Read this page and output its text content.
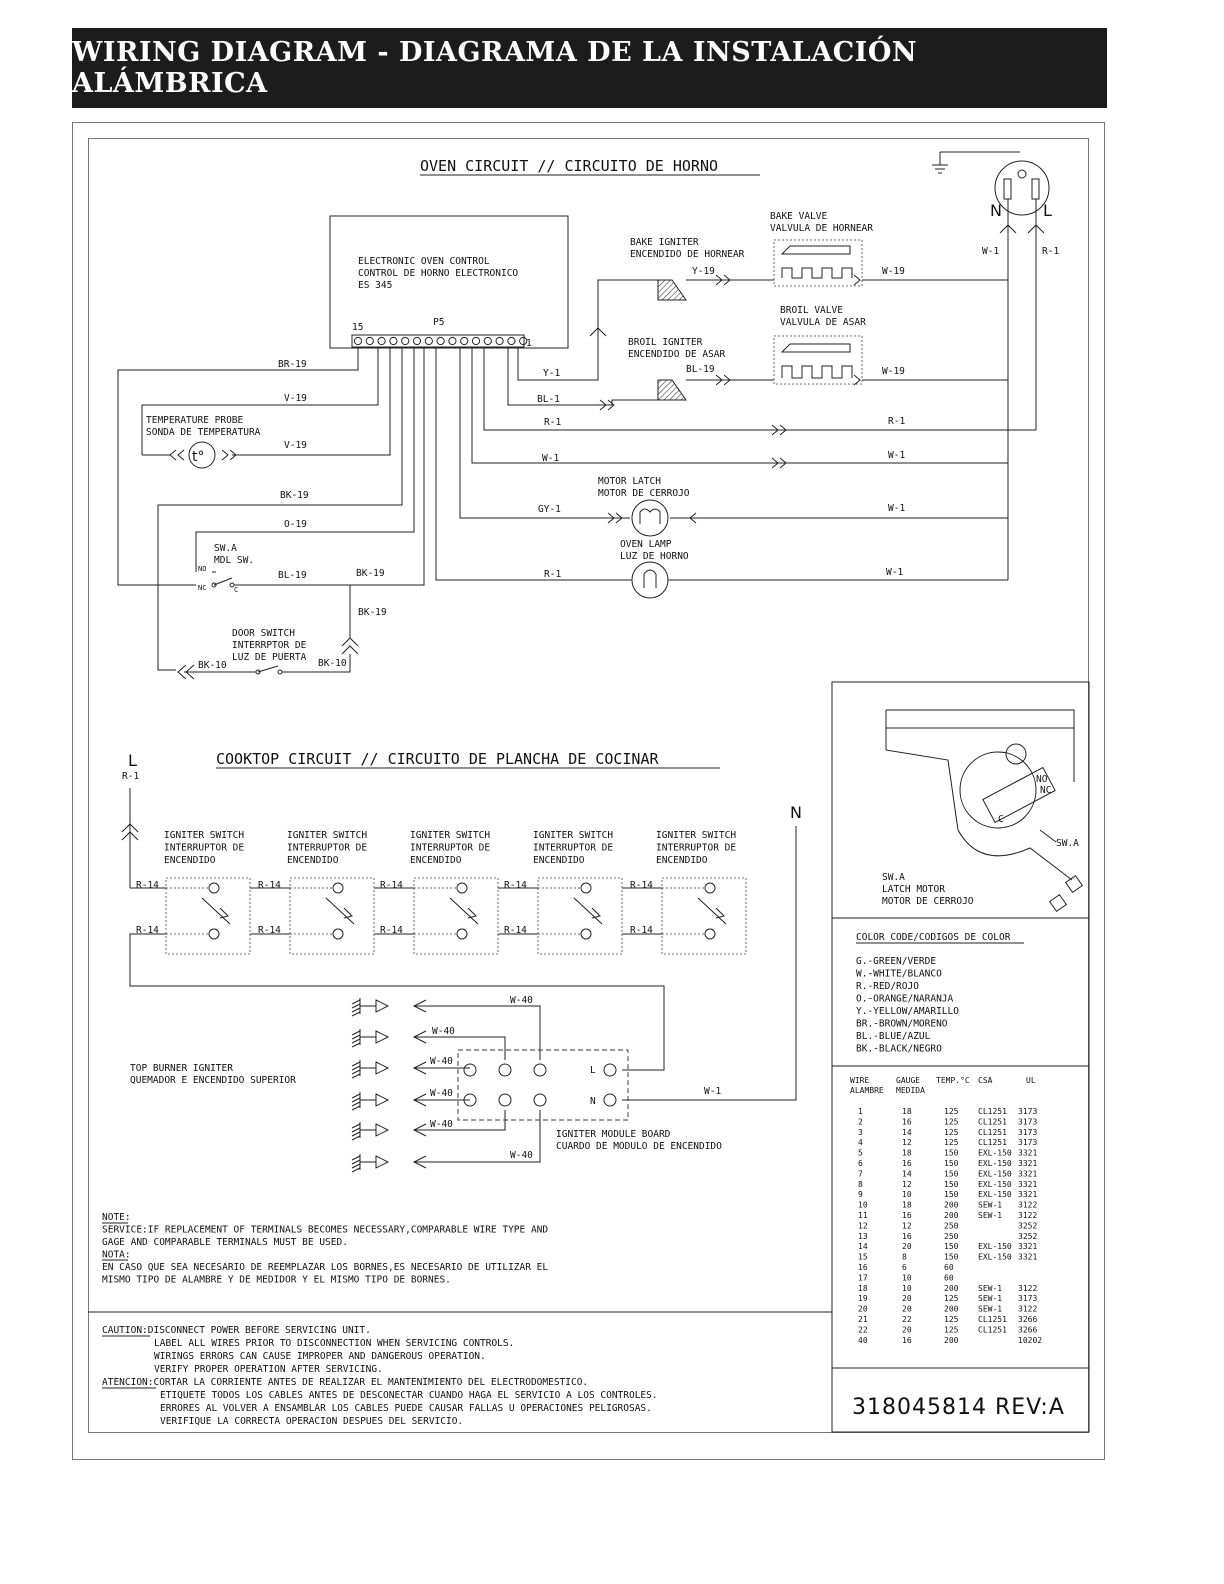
WIRING DIAGRAM - DIAGRAMA DE LA INSTALACIÓN ALÁMBRICA
OVEN CIRCUIT // CIRCUITO DE HORNO
N	L
W-1	R-1
ELECTRONIC OVEN CONTROL
CONTROL DE HORNO ELECTRONICO
ES 345
15	P5
1
BAKE IGNITER
ENCENDIDO DE HORNEAR
BAKE VALVE
VALVULA DE HORNEAR
BROIL IGNITER
ENCENDIDO DE ASAR
BROIL VALVE
VALVULA DE ASAR
t°
TEMPERATURE PROBE
SONDA DE TEMPERATURA
MOTOR LATCH
MOTOR DE CERROJO
OVEN LAMP
LUZ DE HORNO
SW.A
MDL SW.
NO
NC	C
DOOR SWITCH
INTERRPTOR DE
LUZ DE PUERTA
BR-19
V-19
V-19
BK-19
O-19
BL-19	BK-19
BK-19
BK-10	BK-10
Y-19	W-19
Y-1	BL-19	W-19
BL-1
R-1	R-1
W-1	W-1
GY-1	W-1
R-1	W-1
NO
NC
C
SW.A
SW.A
LATCH MOTOR
MOTOR DE CERROJO
COLOR CODE/CODIGOS DE COLOR
G.-GREEN/VERDE
W.-WHITE/BLANCO
R.-RED/ROJO
O.-ORANGE/NARANJA
Y.-YELLOW/AMARILLO
BR.-BROWN/MORENO
BL.-BLUE/AZUL
BK.-BLACK/NEGRO
WIRE	GAUGE TEMP.°C CSA	UL
ALAMBRE MEDIDA
1	18	125 CL1251 3173
2	16	125 CL1251 3173
3	14	125 CL1251 3173
4	12	125 CL1251 3173
5	18	150 EXL-150 3321
6	16	150 EXL-150 3321
7	14	150 EXL-150 3321
8	12	150 EXL-150 3321
9	10	150 EXL-150 3321
10	18	200 SEW-1 3122
11	16	200 SEW-1 3122
12	12	250	3252
13	16	250	3252
14	20	150 EXL-150 3321
15	8	150 EXL-150 3321
16	6	60
17	10	60
18	10	200 SEW-1 3122
19	20	125 SEW-1 3173
20	20	200 SEW-1 3122
21	22	125 CL1251 3266
22	20	125 CL1251 3266
40	16	200	10202
318045814 REV:A
COOKTOP CIRCUIT // CIRCUITO DE PLANCHA DE COCINAR
L
R-1
N
IGNITER SWITCH
INTERRUPTOR DE
ENCENDIDO
R-14
R-14
IGNITER SWITCH
INTERRUPTOR DE
ENCENDIDO
R-14
R-14
IGNITER SWITCH
INTERRUPTOR DE
ENCENDIDO
R-14
R-14
IGNITER SWITCH
INTERRUPTOR DE
ENCENDIDO
R-14
R-14
IGNITER SWITCH
INTERRUPTOR DE
ENCENDIDO
R-14
R-14
L
N
W-1
IGNITER MODULE BOARD
CUARDO DE MODULO DE ENCENDIDO
TOP BURNER IGNITER
QUEMADOR E ENCENDIDO SUPERIOR
W-40
W-40
W-40
W-40
W-40
W-40
NOTE:
SERVICE:IF REPLACEMENT OF TERMINALS BECOMES NECESSARY,COMPARABLE WIRE TYPE AND
GAGE AND COMPARABLE TERMINALS MUST BE USED.
NOTA:
EN CASO QUE SEA NECESARIO DE REEMPLAZAR LOS BORNES,ES NECESARIO DE UTILIZAR EL
MISMO TIPO DE ALAMBRE Y DE MEDIDOR Y EL MISMO TIPO DE BORNES.
CAUTION:DISCONNECT POWER BEFORE SERVICING UNIT.
LABEL ALL WIRES PRIOR TO DISCONNECTION WHEN SERVICING CONTROLS.
WIRINGS ERRORS CAN CAUSE IMPROPER AND DANGEROUS OPERATION.
VERIFY PROPER OPERATION AFTER SERVICING.
ATENCION:CORTAR LA CORRIENTE ANTES DE REALIZAR EL MANTENIMIENTO DEL ELECTRODOMESTICO.
ETIQUETE TODOS LOS CABLES ANTES DE DESCONECTAR CUANDO HAGA EL SERVICIO A LOS CONTROLES.
ERRORES AL VOLVER A ENSAMBLAR LOS CABLES PUEDE CAUSAR FALLAS U OPERACIONES PELIGROSAS.
VERIFIQUE LA CORRECTA OPERACION DESPUES DEL SERVICIO.
